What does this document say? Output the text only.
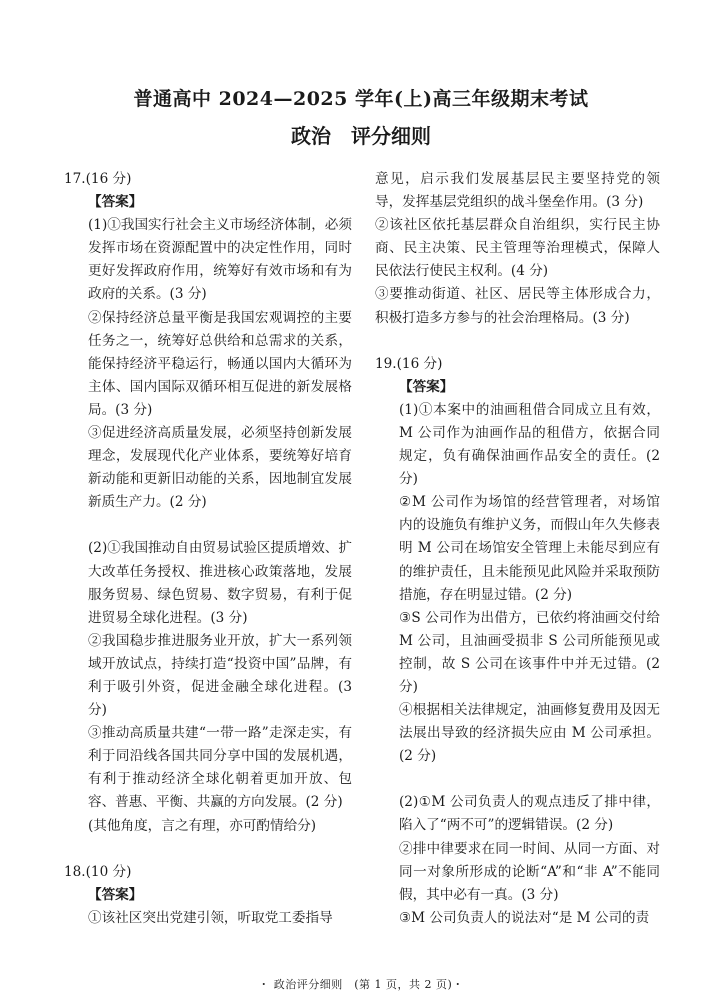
普通高中 2024—2025 学年(上)高三年级期末考试
政治　评分细则

17.(16 分)

【答案】

(1)①我国实行社会主义市场经济体制，必须发挥市场在资源配置中的决定性作用，同时更好发挥政府作用，统筹好有效市场和有为政府的关系。(3 分)

②保持经济总量平衡是我国宏观调控的主要任务之一，统筹好总供给和总需求的关系，能保持经济平稳运行，畅通以国内大循环为主体、国内国际双循环相互促进的新发展格局。(3 分)

③促进经济高质量发展，必须坚持创新发展理念，发展现代化产业体系，要统筹好培育新动能和更新旧动能的关系，因地制宜发展新质生产力。(2 分)

(2)①我国推动自由贸易试验区提质增效、扩大改革任务授权、推进核心政策落地，发展服务贸易、绿色贸易、数字贸易，有利于促进贸易全球化进程。(3 分)

②我国稳步推进服务业开放，扩大一系列领域开放试点，持续打造“投资中国”品牌，有利于吸引外资，促进金融全球化进程。(3 分)

③推动高质量共建“一带一路”走深走实，有利于同沿线各国共同分享中国的发展机遇，有利于推动经济全球化朝着更加开放、包容、普惠、平衡、共赢的方向发展。(2 分)

(其他角度，言之有理，亦可酌情给分)

18.(10 分)

【答案】

①该社区突出党建引领，听取党工委指导

意见，启示我们发展基层民主要坚持党的领导，发挥基层党组织的战斗堡垒作用。(3 分)

②该社区依托基层群众自治组织，实行民主协商、民主决策、民主管理等治理模式，保障人民依法行使民主权利。(4 分)

③要推动街道、社区、居民等主体形成合力，积极打造多方参与的社会治理格局。(3 分)

19.(16 分)

【答案】

(1)①本案中的油画租借合同成立且有效，M 公司作为油画作品的租借方，依据合同规定，负有确保油画作品安全的责任。(2 分)

②M 公司作为场馆的经营管理者，对场馆内的设施负有维护义务，而假山年久失修表明 M 公司在场馆安全管理上未能尽到应有的维护责任，且未能预见此风险并采取预防措施，存在明显过错。(2 分)

③S 公司作为出借方，已依约将油画交付给 M 公司，且油画受损非 S 公司所能预见或控制，故 S 公司在该事件中并无过错。(2 分)

④根据相关法律规定，油画修复费用及因无法展出导致的经济损失应由 M 公司承担。(2 分)

(2)①M 公司负责人的观点违反了排中律，陷入了“两不可”的逻辑错误。(2 分)

②排中律要求在同一时间、从同一方面、对同一对象所形成的论断“A”和“非 A”不能同假，其中必有一真。(3 分)

③M 公司负责人的说法对“是 M 公司的责

・ 政治评分细则　(第 1 页，共 2 页)・
